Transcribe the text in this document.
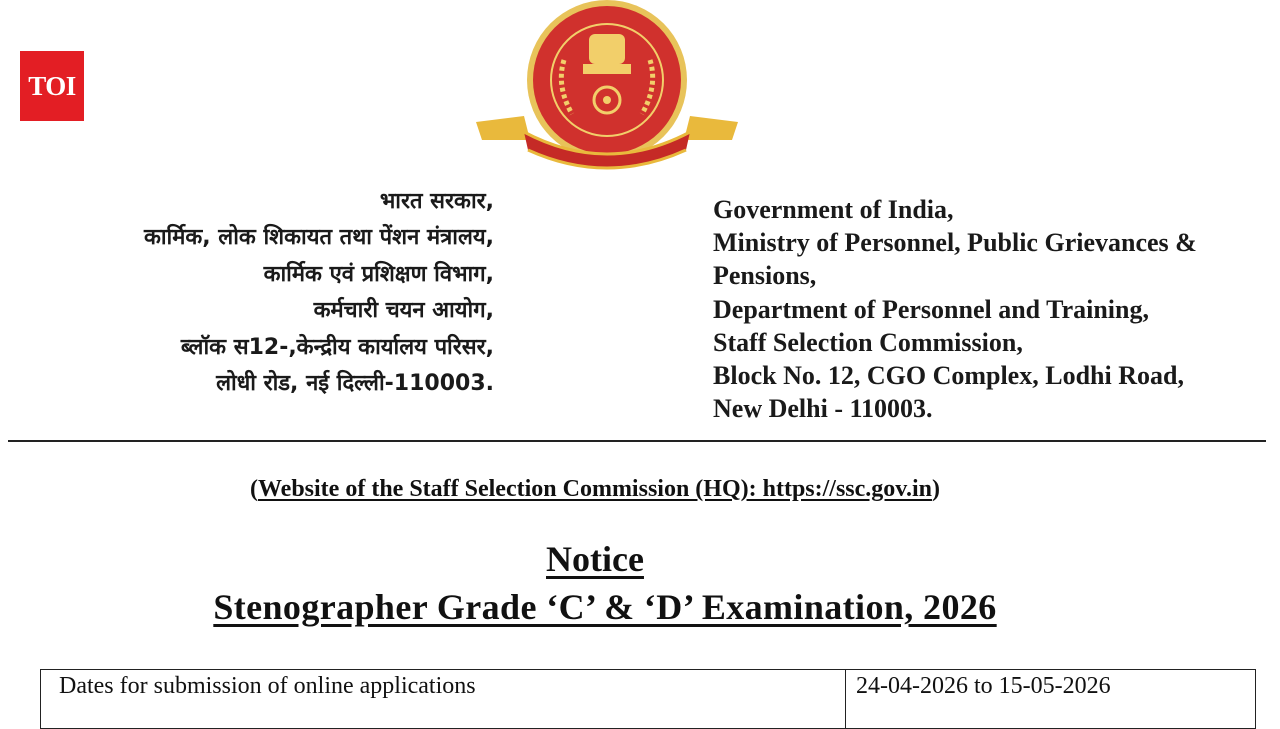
TOI
भारत सरकार,
कार्मिक, लोक शिकायत तथा पेंशन मंत्रालय,
कार्मिक एवं प्रशिक्षण विभाग,
कर्मचारी चयन आयोग,
ब्लॉक स12-,केन्द्रीय कार्यालय परिसर,
लोधी रोड, नई दिल्ली-110003.
Government of India,
Ministry of Personnel, Public Grievances &
Pensions,
Department of Personnel and Training,
Staff Selection Commission,
Block No. 12, CGO Complex, Lodhi Road,
New Delhi - 110003.
(Website of the Staff Selection Commission (HQ): https://ssc.gov.in)
Notice
Stenographer Grade ‘C’ & ‘D’ Examination, 2026
Dates for submission of online applications	24-04-2026 to 15-05-2026
